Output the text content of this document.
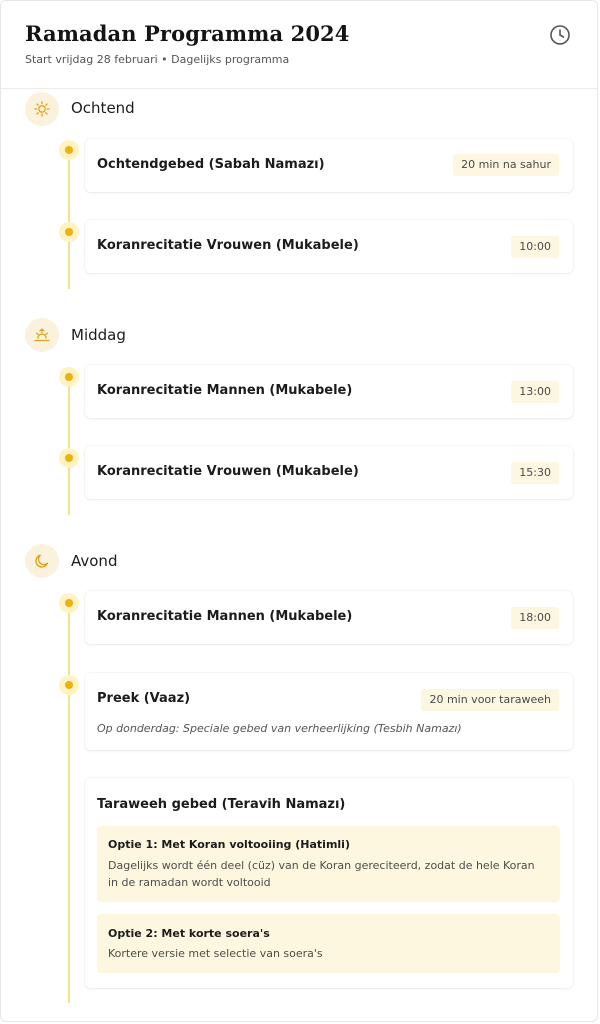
Ramadan Programma 2024
Start vrijdag 28 februari • Dagelijks programma
Ochtend
Ochtendgebed (Sabah Namazı)	20 min na sahur
Koranrecitatie Vrouwen (Mukabele)	10:00
Middag
Koranrecitatie Mannen (Mukabele)	13:00
Koranrecitatie Vrouwen (Mukabele)	15:30
Avond
Koranrecitatie Mannen (Mukabele)	18:00
Preek (Vaaz)	20 min voor taraweeh
Op donderdag: Speciale gebed van verheerlijking (Tesbih Namazı)
Taraweeh gebed (Teravih Namazı)
Optie 1: Met Koran voltooiing (Hatimli)
Dagelijks wordt één deel (cüz) van de Koran gereciteerd, zodat de hele Koran in de ramadan wordt voltooid
Optie 2: Met korte soera's
Kortere versie met selectie van soera's
